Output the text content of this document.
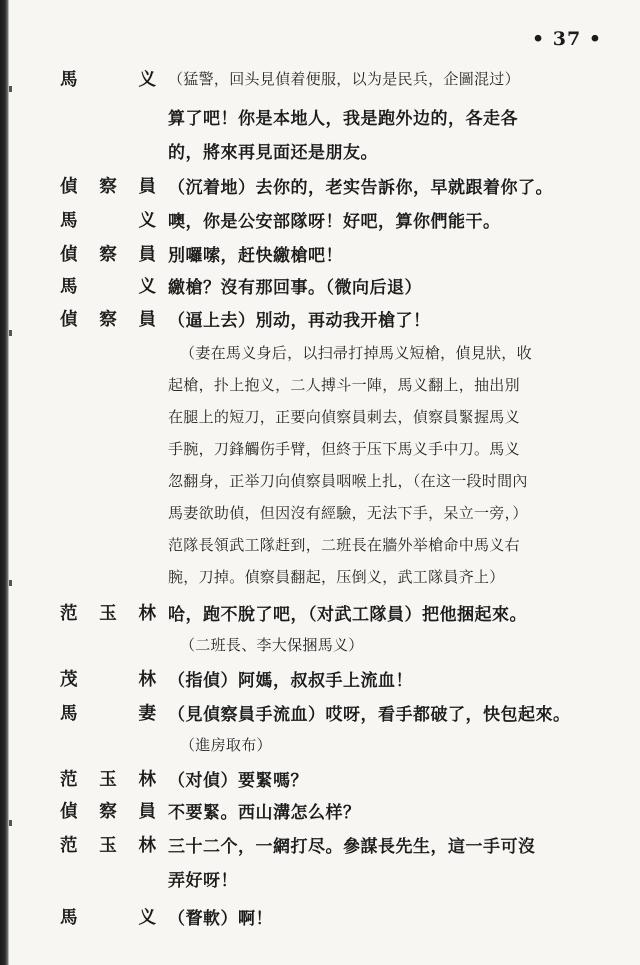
• 37 •
馬	义 （猛警，回头見偵着便服，以为是民兵，企圖混过）
算了吧！你是本地人，我是跑外边的，各走各
的，將來再見面还是朋友。
偵 察 員 （沉着地）去你的，老实告訴你，早就跟着你了。
馬	义 噢，你是公安部隊呀！好吧，算你們能干。
偵 察 員 別囉嗦，赶快繳槍吧！
馬	义 繳槍？沒有那回事。（微向后退）
偵 察 員 （逼上去）別动，再动我开槍了！
（妻在馬义身后，以扫帚打掉馬义短槍，偵見狀，收
起槍，扑上抱义，二人搏斗一陣，馬义翻上，抽出別
在腿上的短刀，正要向偵察員刺去，偵察員緊握馬义
手腕，刀鋒觸伤手臂，但終于压下馬义手中刀。馬义
忽翻身，正举刀向偵察員咽喉上扎，（在这一段时間內
馬妻欲助偵，但因沒有經驗，无法下手，呆立一旁，）
范隊長領武工隊赶到，二班長在牆外举槍命中馬义右
腕，刀掉。偵察員翻起，压倒义，武工隊員齐上）
范 玉 林 哈，跑不脫了吧，（对武工隊員）把他捆起來。
（二班長、李大保捆馬义）
茂	林 （指偵）阿媽，叔叔手上流血！
馬	妻 （見偵察員手流血）哎呀，看手都破了，快包起來。
（進房取布）
范 玉 林 （对偵）要緊嗎？
偵 察 員 不要緊。西山溝怎么样？
范 玉 林 三十二个，一網打尽。參謀長先生，這一手可沒
弄好呀！
馬	义 （瞀軟）啊！
